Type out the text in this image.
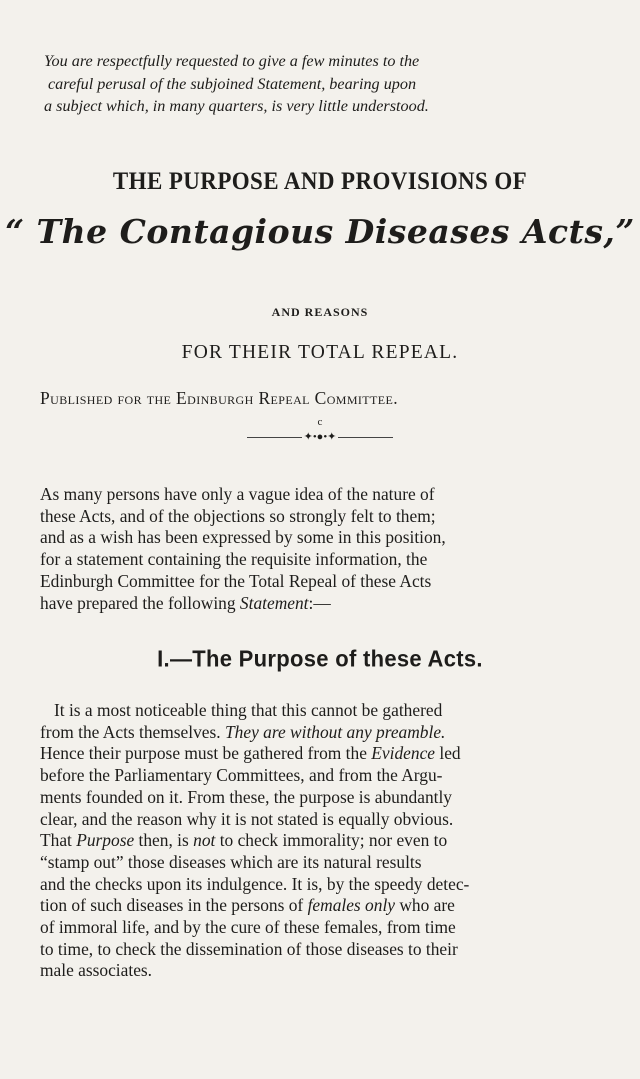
You are respectfully requested to give a few minutes to the
careful perusal of the subjoined Statement, bearing upon
a subject which, in many quarters, is very little understood.
THE PURPOSE AND PROVISIONS OF
“ The Contagious Diseases Acts,”
AND REASONS
FOR THEIR TOTAL REPEAL.
Published for the Edinburgh Repeal Committee.
c
✦•●•✦
As many persons have only a vague idea of the nature of
these Acts, and of the objections so strongly felt to them;
and as a wish has been expressed by some in this position,
for a statement containing the requisite information, the
Edinburgh Committee for the Total Repeal of these Acts
have prepared the following Statement:—
I.—The Purpose of these Acts.
It is a most noticeable thing that this cannot be gathered
from the Acts themselves. They are without any preamble.
Hence their purpose must be gathered from the Evidence led
before the Parliamentary Committees, and from the Argu-
ments founded on it. From these, the purpose is abundantly
clear, and the reason why it is not stated is equally obvious.
That Purpose then, is not to check immorality; nor even to
“stamp out” those diseases which are its natural results
and the checks upon its indulgence. It is, by the speedy detec-
tion of such diseases in the persons of females only who are
of immoral life, and by the cure of these females, from time
to time, to check the dissemination of those diseases to their
male associates.
